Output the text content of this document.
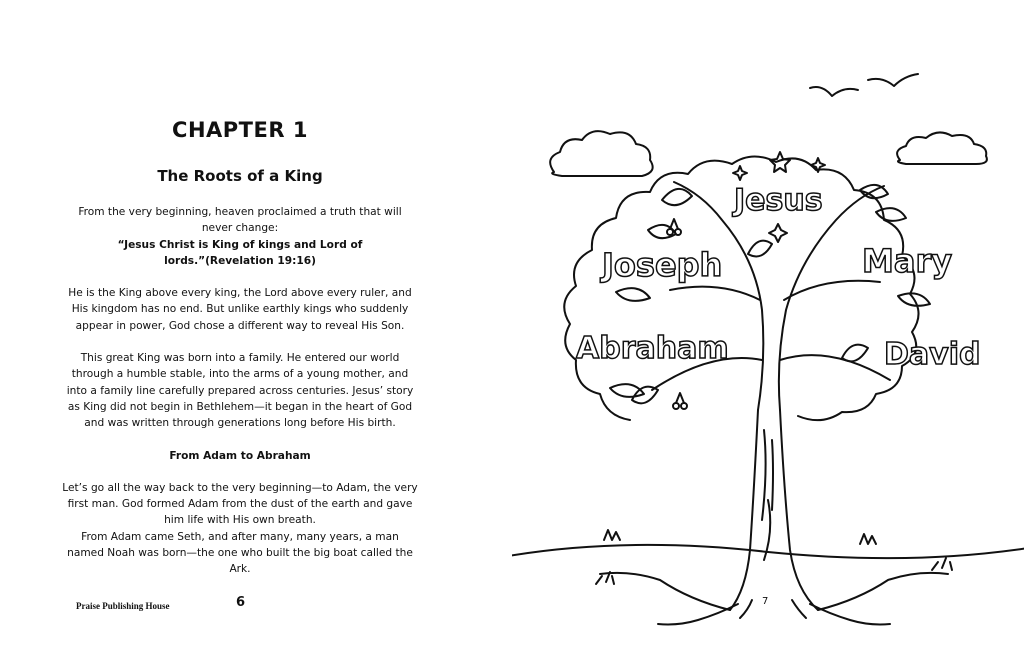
CHAPTER 1
The Roots of a King

From the very beginning, heaven proclaimed a truth that will never change:

“Jesus Christ is King of kings and Lord of lords.”(Revelation 19:16)

He is the King above every king, the Lord above every ruler, and His kingdom has no end. But unlike earthly kings who suddenly appear in power, God chose a different way to reveal His Son.

This great King was born into a family. He entered our world through a humble stable, into the arms of a young mother, and into a family line carefully prepared across centuries. Jesus’ story as King did not begin in Bethlehem—it began in the heart of God and was written through generations long before His birth.

From Adam to Abraham

Let’s go all the way back to the very beginning—to Adam, the very first man. God formed Adam from the dust of the earth and gave him life with His own breath.

From Adam came Seth, and after many, many years, a man named Noah was born—the one who built the big boat called the Ark.

Praise Publishing House	6
Jesus
Joseph	Mary
Abraham	David
7
